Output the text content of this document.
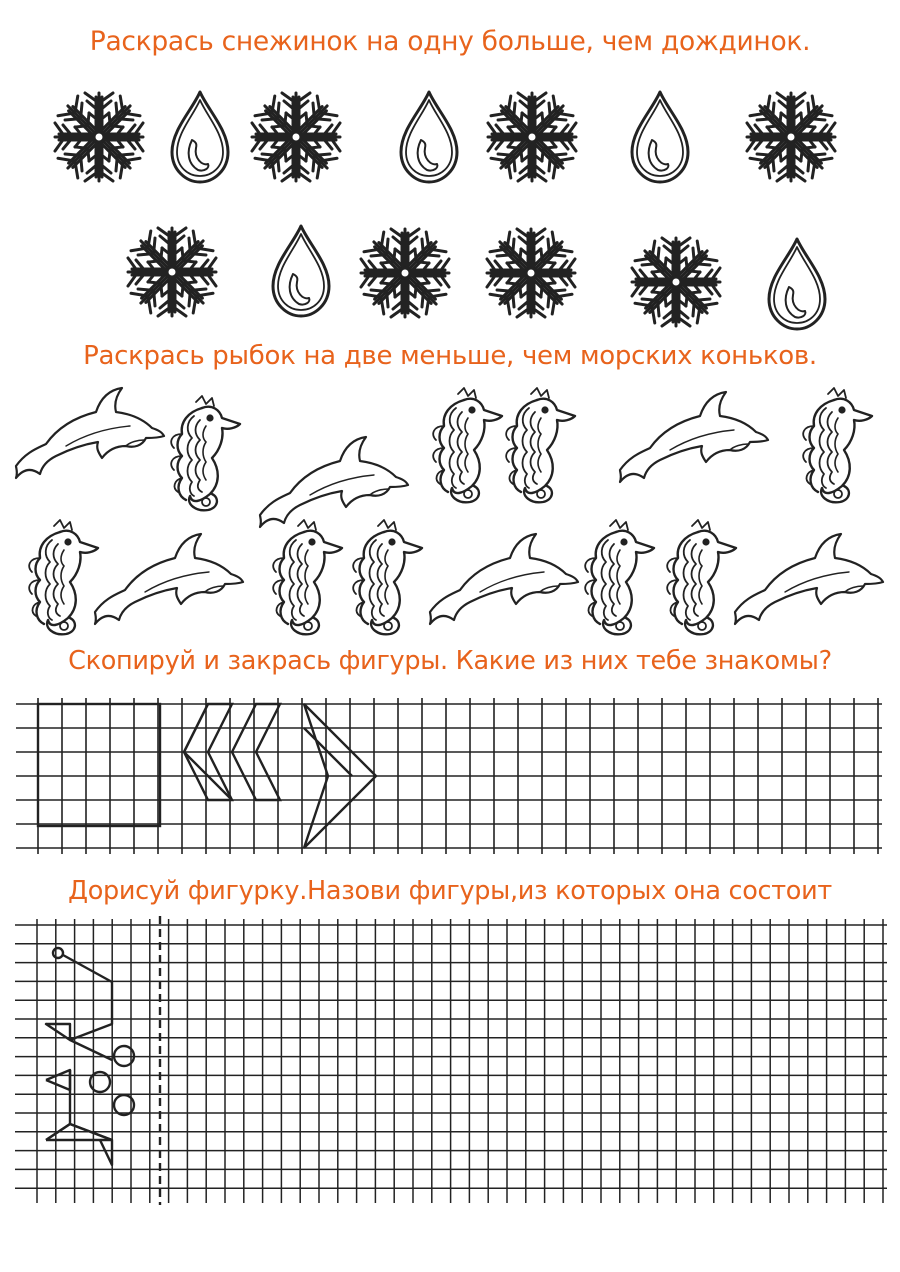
Раскрась снежинок на одну больше, чем дождинок.
Раскрась рыбок на две меньше, чем морских коньков.
Скопируй и закрась фигуры. Какие из них тебе знакомы?
Дорисуй фигурку.Назови фигуры,из которых она состоит
